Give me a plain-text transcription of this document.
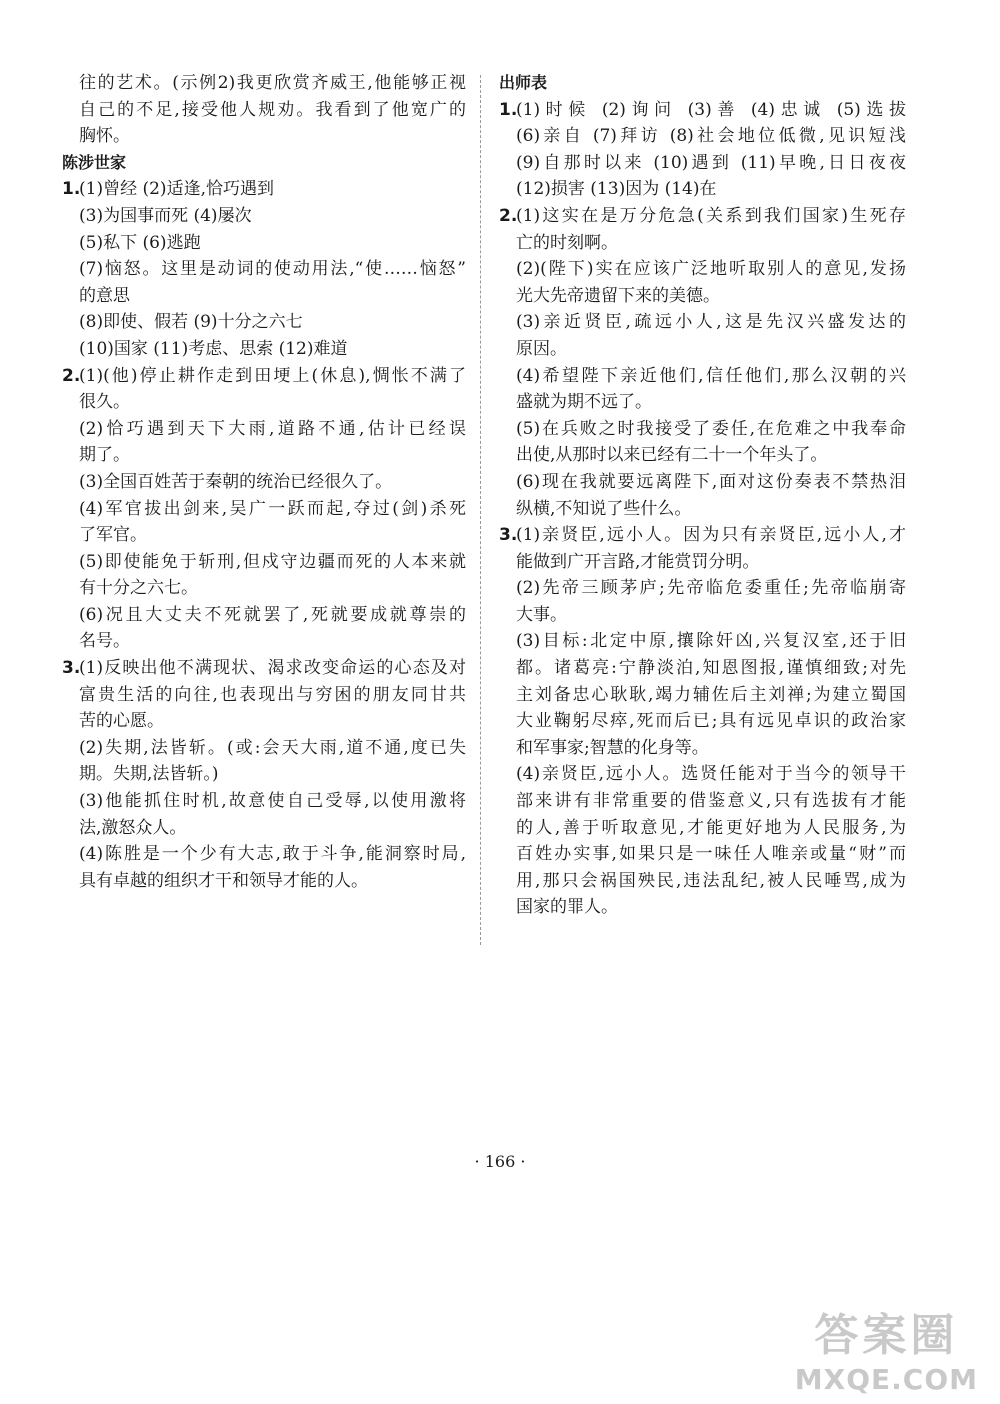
往的艺术。(示例2)我更欣赏齐威王,他能够正视
自己的不足,接受他人规劝。我看到了他宽广的
胸怀。

陈涉世家

1.
(1)曾经 (2)适逢,恰巧遇到
(3)为国事而死 (4)屡次
(5)私下 (6)逃跑
(7)恼怒。这里是动词的使动用法,“使……恼怒”
的意思
(8)即使、假若 (9)十分之六七
(10)国家 (11)考虑、思索 (12)难道
2.
(1)(他)停止耕作走到田埂上(休息),惆怅不满了
很久。
(2)恰巧遇到天下大雨,道路不通,估计已经误
期了。
(3)全国百姓苦于秦朝的统治已经很久了。
(4)军官拔出剑来,吴广一跃而起,夺过(剑)杀死
了军官。
(5)即使能免于斩刑,但戍守边疆而死的人本来就
有十分之六七。
(6)况且大丈夫不死就罢了,死就要成就尊崇的
名号。
3.
(1)反映出他不满现状、渴求改变命运的心态及对
富贵生活的向往,也表现出与穷困的朋友同甘共
苦的心愿。
(2)失期,法皆斩。(或:会天大雨,道不通,度已失
期。失期,法皆斩。)
(3)他能抓住时机,故意使自己受辱,以使用激将
法,激怒众人。
(4)陈胜是一个少有大志,敢于斗争,能洞察时局,
具有卓越的组织才干和领导才能的人。

出师表

1.
(1)时候 (2)询问 (3)善 (4)忠诚 (5)选拔
(6)亲自 (7)拜访 (8)社会地位低微,见识短浅
(9)自那时以来 (10)遇到 (11)早晚,日日夜夜
(12)损害 (13)因为 (14)在
2.
(1)这实在是万分危急(关系到我们国家)生死存
亡的时刻啊。
(2)(陛下)实在应该广泛地听取别人的意见,发扬
光大先帝遗留下来的美德。
(3)亲近贤臣,疏远小人,这是先汉兴盛发达的
原因。
(4)希望陛下亲近他们,信任他们,那么汉朝的兴
盛就为期不远了。
(5)在兵败之时我接受了委任,在危难之中我奉命
出使,从那时以来已经有二十一个年头了。
(6)现在我就要远离陛下,面对这份奏表不禁热泪
纵横,不知说了些什么。
3.
(1)亲贤臣,远小人。因为只有亲贤臣,远小人,才
能做到广开言路,才能赏罚分明。
(2)先帝三顾茅庐;先帝临危委重任;先帝临崩寄
大事。
(3)目标:北定中原,攘除奸凶,兴复汉室,还于旧
都。诸葛亮:宁静淡泊,知恩图报,谨慎细致;对先
主刘备忠心耿耿,竭力辅佐后主刘禅;为建立蜀国
大业鞠躬尽瘁,死而后已;具有远见卓识的政治家
和军事家;智慧的化身等。
(4)亲贤臣,远小人。选贤任能对于当今的领导干
部来讲有非常重要的借鉴意义,只有选拔有才能
的人,善于听取意见,才能更好地为人民服务,为
百姓办实事,如果只是一味任人唯亲或量“财”而
用,那只会祸国殃民,违法乱纪,被人民唾骂,成为
国家的罪人。
· 166 ·
答案圈
MXQE.COM
